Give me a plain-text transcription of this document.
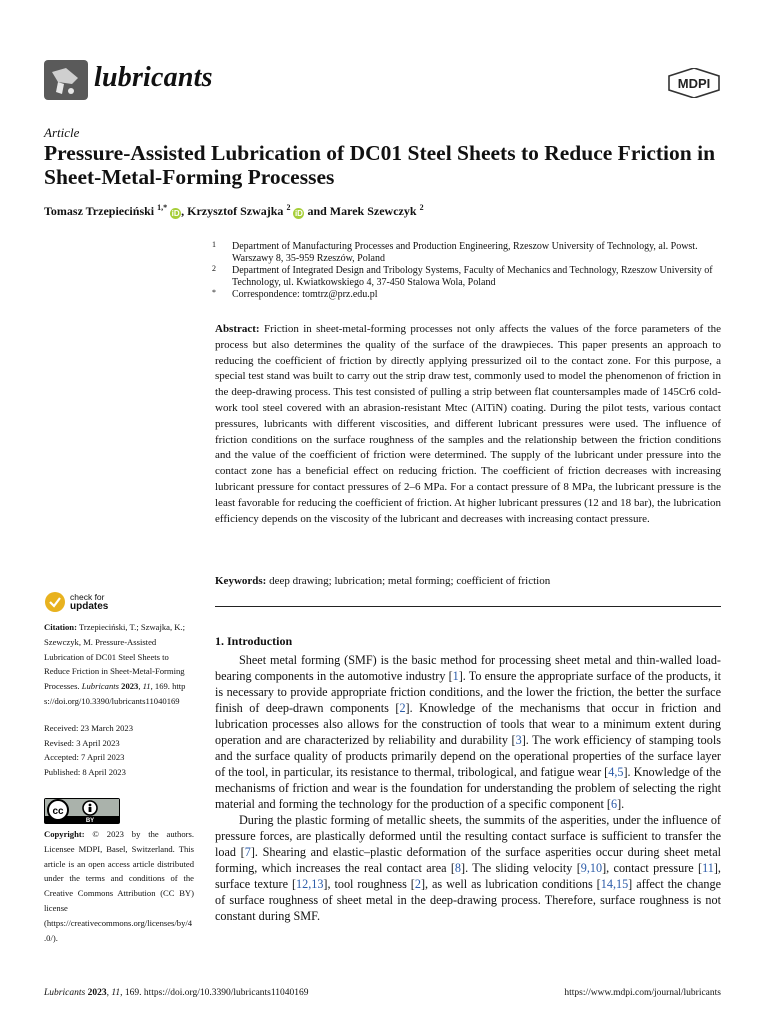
lubricants	MDPI
Article
Pressure-Assisted Lubrication of DC01 Steel Sheets to Reduce Friction in Sheet-Metal-Forming Processes
Tomasz Trzepieciński $^{1,*}$ iD , Krzysztof Szwajka $^2$ iD and Marek Szewczyk $^2$

1 Department of Manufacturing Processes and Production Engineering, Rzeszow University of Technology, al. Powst. Warszawy 8, 35-959 Rzeszów, Poland

2 Department of Integrated Design and Tribology Systems, Faculty of Mechanics and Technology, Rzeszow University of Technology, ul. Kwiatkowskiego 4, 37-450 Stalowa Wola, Poland

* Correspondence: tomtrz@prz.edu.pl

Abstract: Friction in sheet-metal-forming processes not only affects the values of the force parameters of the process but also determines the quality of the surface of the drawpieces. This paper presents an approach to reducing the coefficient of friction by directly applying pressurized oil to the contact zone. For this purpose, a special test stand was built to carry out the strip draw test, commonly used to model the phenomenon of friction in the deep-drawing process. This test consisted of pulling a strip between flat countersamples made of 145Cr6 cold-work tool steel covered with an abrasion-resistant Mtec (AlTiN) coating. During the pilot tests, various contact pressures, lubricants with different viscosities, and different lubricant pressures were used. The influence of friction conditions on the surface roughness of the samples and the relationship between the friction conditions and the value of the coefficient of friction were determined. The supply of the lubricant under pressure into the contact zone has a beneficial effect on reducing friction. The coefficient of friction decreases with increasing lubricant pressure for contact pressures of 2–6 MPa. For a contact pressure of 8 MPa, the lubricant pressure is the least favorable for reducing the coefficient of friction. At higher lubricant pressures (12 and 18 bar), the lubrication efficiency depends on the viscosity of the lubricant and decreases with increasing contact pressure.
Keywords: deep drawing; lubrication; metal forming; coefficient of friction
check for
updates

Citation: Trzepieciński, T.; Szwajka, K.; Szewczyk, M. Pressure-Assisted Lubrication of DC01 Steel Sheets to Reduce Friction in Sheet-Metal-Forming Processes. Lubricants 2023, 11, 169. https://doi.org/10.3390/lubricants11040169

Received: 23 March 2023

Revised: 3 April 2023

Accepted: 7 April 2023

Published: 8 April 2023

cc
BY
Copyright: © 2023 by the authors. Licensee MDPI, Basel, Switzerland. This article is an open access article distributed under the terms and conditions of the Creative Commons Attribution (CC BY) license (https://creativecommons.org/licenses/by/4.0/).
1. Introduction

Sheet metal forming (SMF) is the basic method for processing sheet metal and thin-walled load-bearing components in the automotive industry [1]. To ensure the appropriate surface of the products, it is necessary to provide appropriate friction conditions, and the lower the friction, the better the surface finish of deep-drawn components [2]. Knowledge of the mechanisms that occur in friction and lubrication processes also allows for the construction of tools that wear to a minimum extent during operation and are characterized by reliability and durability [3]. The work efficiency of stamping tools and the surface quality of products primarily depend on the operational properties of the surface layer of the tool, in particular, its resistance to thermal, tribological, and fatigue wear [4,5]. Knowledge of the mechanisms of friction and wear is the foundation for understanding the problem of selecting the right material and forming the technology for the production of a specific component [6].

During the plastic forming of metallic sheets, the summits of the asperities, under the influence of pressure forces, are plastically deformed until the resulting contact surface is sufficient to transfer the load [7]. Shearing and elastic–plastic deformation of the surface asperities occur during sheet metal forming, which increases the real contact area [8]. The sliding velocity [9,10], contact pressure [11], surface texture [12,13], tool roughness [2], as well as lubrication conditions [14,15] affect the change of surface roughness of sheet metal in the deep-drawing process. Therefore, surface roughness is not constant during SMF.

Lubricants 2023, 11, 169. https://doi.org/10.3390/lubricants11040169	https://www.mdpi.com/journal/lubricants
